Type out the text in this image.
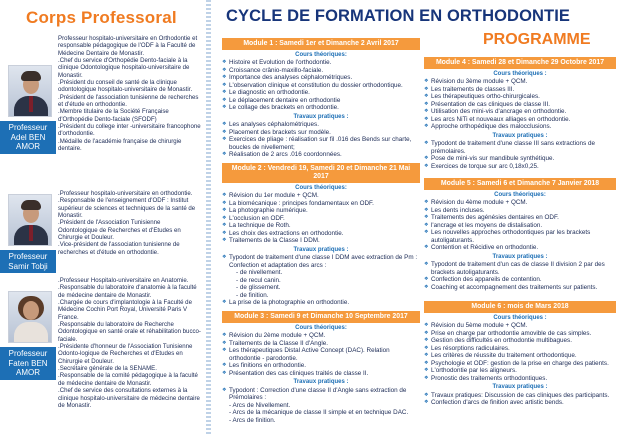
Corps Professoral
Professeur Adel BEN AMOR

Professeur hospitalo-universitaire en Orthodontie et responsable pédagogique de l'ODF à la Faculté de Médecine Dentaire de Monastir.

.Chef du service d'Orthopédie Dento-faciale à la clinique Odontologique hospitalo-universitaire de Monastir.

.Président du conseil de santé de la clinique odontologique hospitalo-universitaire de Monastir.

.Président de l'association tunisienne de recherches et d'étude en orthodontie.

.Membre titulaire de la Société Française d'Orthopédie Dento-faciale (SFODF)

.Président du college inter -universitaire francophone d'orthodontie.

.Médaille de l'académie française de chirurgie dentaire.

Professeur Samir Tobji

.Professeur hospitalo-universitaire en orthodontie.

.Responsable de l'enseignement d'ODF : Institut supérieur de sciences et techniques de la santé de Monastir.

.Président de l'Association Tunisienne Odontologique de Recherches et d'Etudes en Chirurgie et Douleur.

.Vice-président de l'association tunisienne de recherches et d'étude en orthodontie.

Professeur Faten BEN AMOR

.Professeur Hospitalo-universitaire en Anatomie.

.Responsable du laboratoire d'anatomie à la faculté de médecine dentaire de Monastir.

.Chargée de cours d'implantologie à la Faculté de Médecine Cochin Port Royal, Université Paris V France.

.Responsable du laboratoire de Recherche Odontologique en santé orale et réhabilitation bucco-faciale.

.Présidente d'honneur de l'Association Tunisienne Odonto-logique de Recherches et d'Etudes en Chirurgie et Douleur.

.Secrétaire générale de la SENAME.

.Responsable de la comité pédagogique à la faculté de médecine dentaire de Monastir.

.Chef de service des consultations externes à la clinique hospitalo-universitaire de médecine dentaire de Monastir.

CYCLE DE FORMATION EN ORTHODONTIE
PROGRAMME
Module 1 : Samedi 1er et Dimanche 2 Avril 2017
Cours théoriques:
❖ Histoire et Evolution de l'orthodontie.
❖ Croissance crânio-maxillo-faciale.
❖ Importance des analyses céphalométriques.
❖ L'observation clinique et constitution du dossier orthodontique.
❖ Le diagnostic en orthodontie.
❖ Le déplacement dentaire en orthodontie
❖ Le collage des brackets en orthodontie.
Travaux pratiques :
❖ Les analyses céphalométriques.
❖ Placement des brackets sur modèle.
❖ Exercices de pliage : réalisation sur fil .016 des Bends sur charte, boucles de nivellement;
❖ Réalisation de 2 arcs .016 coordonnées.
Module 2 : Vendredi 19, Samedi 20 et Dimanche 21 Mai 2017
Cours théoriques:
❖ Révision du 1er module + QCM.
❖ La biomécanique : principes fondamentaux en ODF.
❖ La photographie numérique.
❖ L'occlusion en ODF.
❖ La technique de Roth.
❖ Les choix des extractions en orthodontie.
❖ Traitements de la Classe I DDM.
Travaux pratiques :
❖ Typodont de traitement d'une classe I DDM avec extraction de Pm :
Confection et adaptation des arcs :
- de nivellement.
- de recul canin.
- de glissement.
- de finition.
❖ La prise de la photographie en orthodontie.
Module 3 : Samedi 9 et Dimanche 10 Septembre 2017
Cours théoriques:
❖ Révision du 2ème module + QCM.
❖ Traitements de la Classe II d'Angle.
❖ Les thérapeutiques Distal Active Concept (DAC). Relation orthodontie - parodontie.
❖ Les finitions en orthodontie.
❖ Présentation des cas cliniques traités de classe II.
Travaux pratiques :
❖ Typodont : Correction d'une classe II d'Angle sans extraction de Prémolaires :
- Arcs de Nivellement.
- Arcs de la mécanique de classe II simple et en technique DAC.
- Arcs de finition.
Module 4 : Samedi 28 et Dimanche 29 Octobre 2017
Cours théoriques :
❖ Révision du 3ème module + QCM.
❖ Les traitements de classes III.
❖ Les thérapeutiques ortho-chirurgicales.
❖ Présentation de cas cliniques de classe III.
❖ Utilisation des mini-vis d'ancrage en orthodontie.
❖ Les arcs NiTi et nouveaux alliages en orthodontie.
❖ Approche orthopédique des malocclusions.
Travaux pratiques :
❖ Typodont de traitement d'une classe III sans extractions de prémolaires.
❖ Pose de mini-vis sur mandibule synthétique.
❖ Exercices de torque sur arc 0,18x0,25.
Module 5 : Samedi 6 et Dimanche 7 Janvier 2018
Cours théoriques:
❖ Révision du 4ème module + QCM.
❖ Les dents incluses.
❖ Traitements des agénésies dentaires en ODF.
❖ l'ancrage et les moyens de distalisation.
❖ Les nouvelles approches orthodontiques par les brackets autoligaturants.
❖ Contention et Récidive en orthodontie.
Travaux pratiques :
❖ Typodont de traitement d'un cas de classe II division 2 par des brackets autoligaturants.
❖ Confection des appareils de contention.
❖ Coaching et accompagnement des traitements sur patients.
Module 6 : mois de Mars 2018
Cours théoriques :
❖ Révision du 5ème module + QCM.
❖ Prise en charge par orthodontie amovible de cas simples.
❖ Gestion des difficultés en orthodontie multibagues.
❖ Les résorptions radiculaires.
❖ Les critères de réussite du traitement orthodontique.
❖ Psychologie et ODF: gestion de la prise en charge des patients.
❖ L'orthodontie par les aligneurs.
❖ Pronostic des traitements orthodontiques.
Travaux pratiques :
❖ Travaux pratiques: Discussion de cas cliniques des participants.
❖ Confection d'arcs de finition avec artistic bends.
